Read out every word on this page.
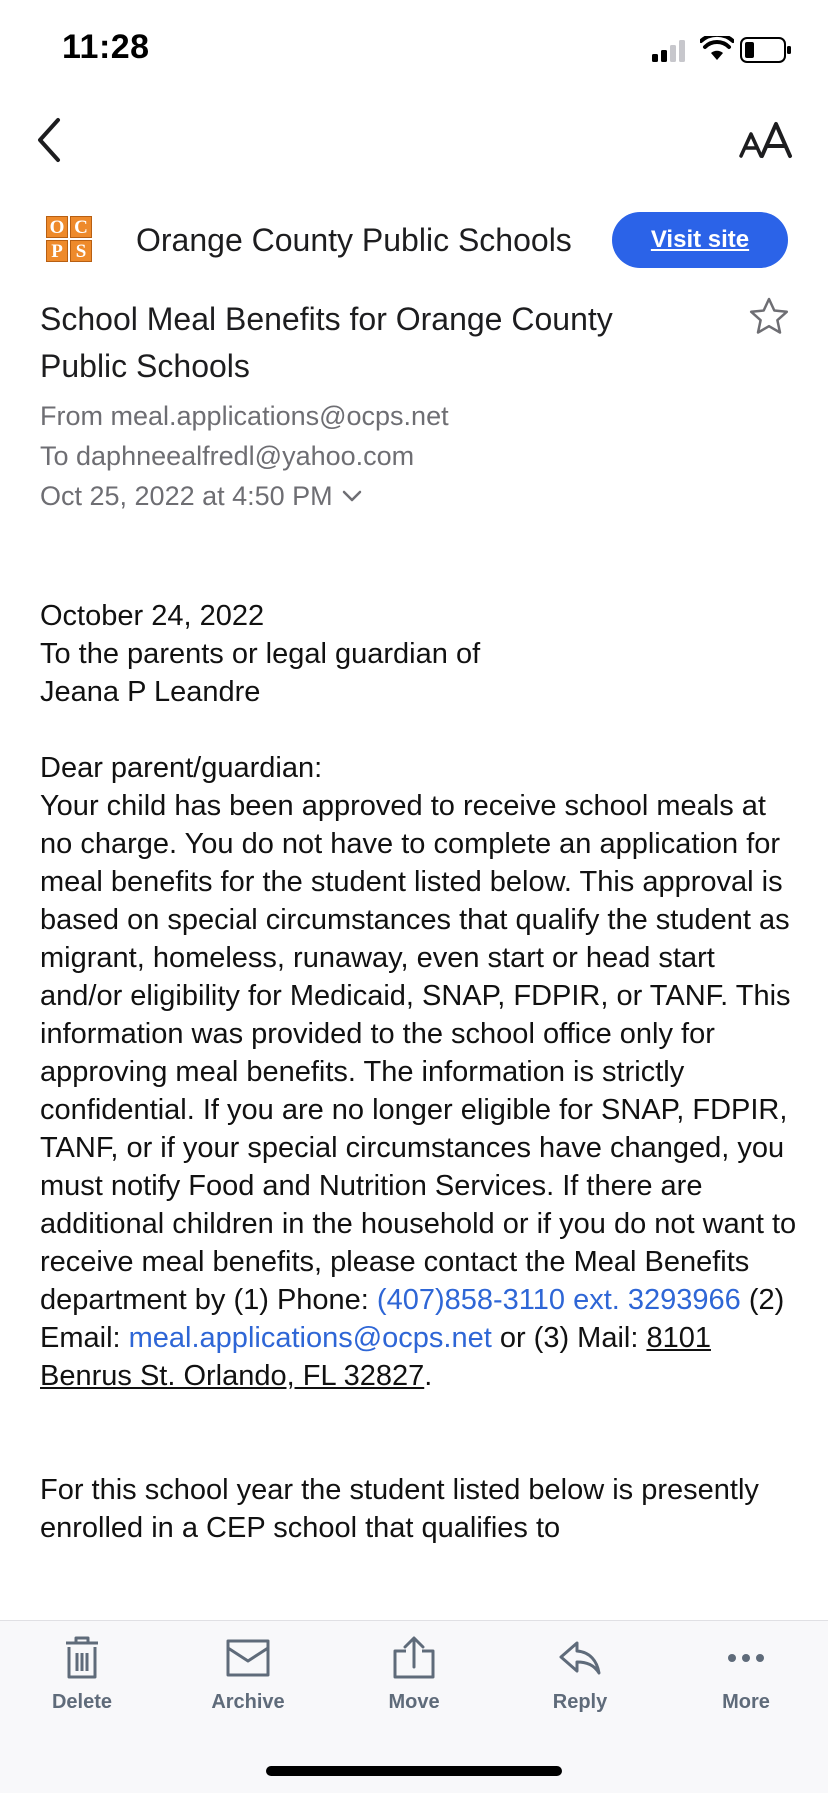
11:28
O C
P S Orange County Public Schools	Visit site
School Meal Benefits for Orange County Public Schools
From meal.applications@ocps.net
To daphneealfredl@yahoo.com
Oct 25, 2022 at 4:50 PM

October 24, 2022

To the parents or legal guardian of

Jeana P Leandre

Dear parent/guardian:

Your child has been approved to receive school meals at no charge. You do not have to complete an application for meal benefits for the student listed below. This approval is based on special circumstances that qualify the student as migrant, homeless, runaway, even start or head start and/or eligibility for Medicaid, SNAP, FDPIR, or TANF. This information was provided to the school office only for approving meal benefits. The information is strictly confidential. If you are no longer eligible for SNAP, FDPIR, TANF, or if your special circumstances have changed, you must notify Food and Nutrition Services. If there are additional children in the household or if you do not want to receive meal benefits, please contact the Meal Benefits department by (1) Phone: (407)858-3110 ext. 3293966 (2) Email: meal.applications@ocps.net or (3) Mail: 8101 Benrus St. Orlando, FL 32827.

For this school year the student listed below is presently enrolled in a CEP school that qualifies to

Delete	Archive	Move	Reply	More
